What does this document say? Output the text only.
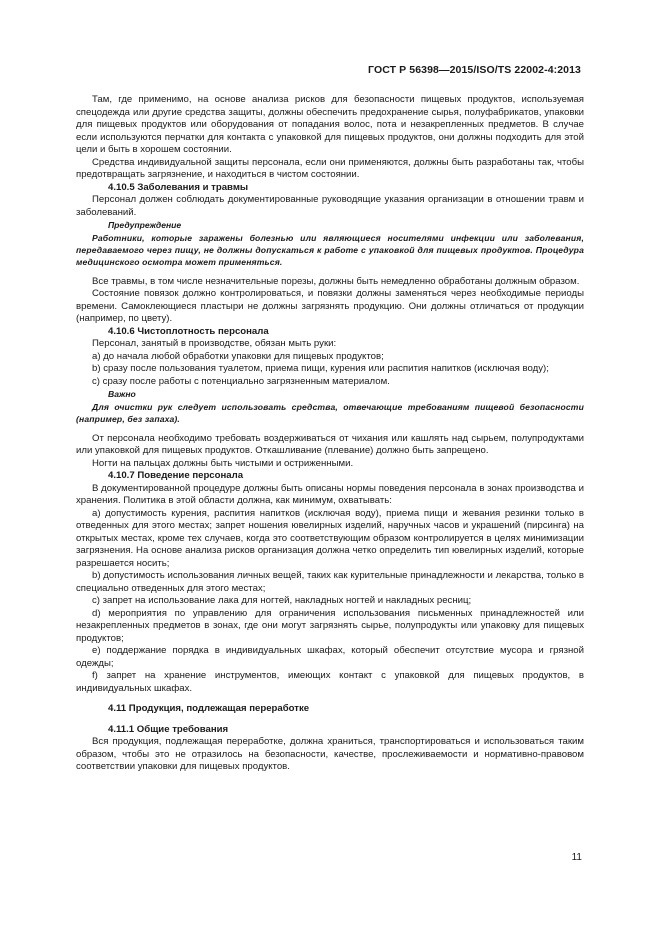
ГОСТ Р 56398—2015/ISO/TS 22002-4:2013

Там, где применимо, на основе анализа рисков для безопасности пищевых продуктов, используемая спецодежда или другие средства защиты, должны обеспечить предохранение сырья, полуфабрикатов, упаковки для пищевых продуктов или оборудования от попадания волос, пота и незакрепленных предметов. В случае если используются перчатки для контакта с упаковкой для пищевых продуктов, они должны подходить для этой цели и быть в хорошем состоянии.

Средства индивидуальной защиты персонала, если они применяются, должны быть разработаны так, чтобы предотвращать загрязнение, и находиться в чистом состоянии.

4.10.5 Заболевания и травмы

Персонал должен соблюдать документированные руководящие указания организации в отношении травм и заболеваний.

Предупреждение

Работники, которые заражены болезнью или являющиеся носителями инфекции или заболевания, передаваемого через пищу, не должны допускаться к работе с упаковкой для пищевых продуктов. Процедура медицинского осмотра может применяться.

Все травмы, в том числе незначительные порезы, должны быть немедленно обработаны должным образом.

Состояние повязок должно контролироваться, и повязки должны заменяться через необходимые периоды времени. Самоклеющиеся пластыри не должны загрязнять продукцию. Они должны отличаться от продукции (например, по цвету).

4.10.6 Чистоплотность персонала

Персонал, занятый в производстве, обязан мыть руки:

а) до начала любой обработки упаковки для пищевых продуктов;

b) сразу после пользования туалетом, приема пищи, курения или распития напитков (исключая воду);

с) сразу после работы с потенциально загрязненным материалом.

Важно

Для очистки рук следует использовать средства, отвечающие требованиям пищевой безопасности (например, без запаха).

От персонала необходимо требовать воздерживаться от чихания или кашлять над сырьем, полупродуктами или упаковкой для пищевых продуктов. Откашливание (плевание) должно быть запрещено.

Ногти на пальцах должны быть чистыми и остриженными.

4.10.7 Поведение персонала

В документированной процедуре должны быть описаны нормы поведения персонала в зонах производства и хранения. Политика в этой области должна, как минимум, охватывать:

а) допустимость курения, распития напитков (исключая воду), приема пищи и жевания резинки только в отведенных для этого местах; запрет ношения ювелирных изделий, наручных часов и украшений (пирсинга) на открытых местах, кроме тех случаев, когда это соответствующим образом контролируется в целях минимизации загрязнения. На основе анализа рисков организация должна четко определить тип ювелирных изделий, которые разрешается носить;

b) допустимость использования личных вещей, таких как курительные принадлежности и лекарства, только в специально отведенных для этого местах;

с) запрет на использование лака для ногтей, накладных ногтей и накладных ресниц;

d) мероприятия по управлению для ограничения использования письменных принадлежностей или незакрепленных предметов в зонах, где они могут загрязнять сырье, полупродукты или упаковку для пищевых продуктов;

е) поддержание порядка в индивидуальных шкафах, который обеспечит отсутствие мусора и грязной одежды;

f) запрет на хранение инструментов, имеющих контакт с упаковкой для пищевых продуктов, в индивидуальных шкафах.

4.11 Продукция, подлежащая переработке

4.11.1 Общие требования

Вся продукция, подлежащая переработке, должна храниться, транспортироваться и использоваться таким образом, чтобы это не отразилось на безопасности, качестве, прослеживаемости и нормативно-правовом соответствии упаковки для пищевых продуктов.

11
